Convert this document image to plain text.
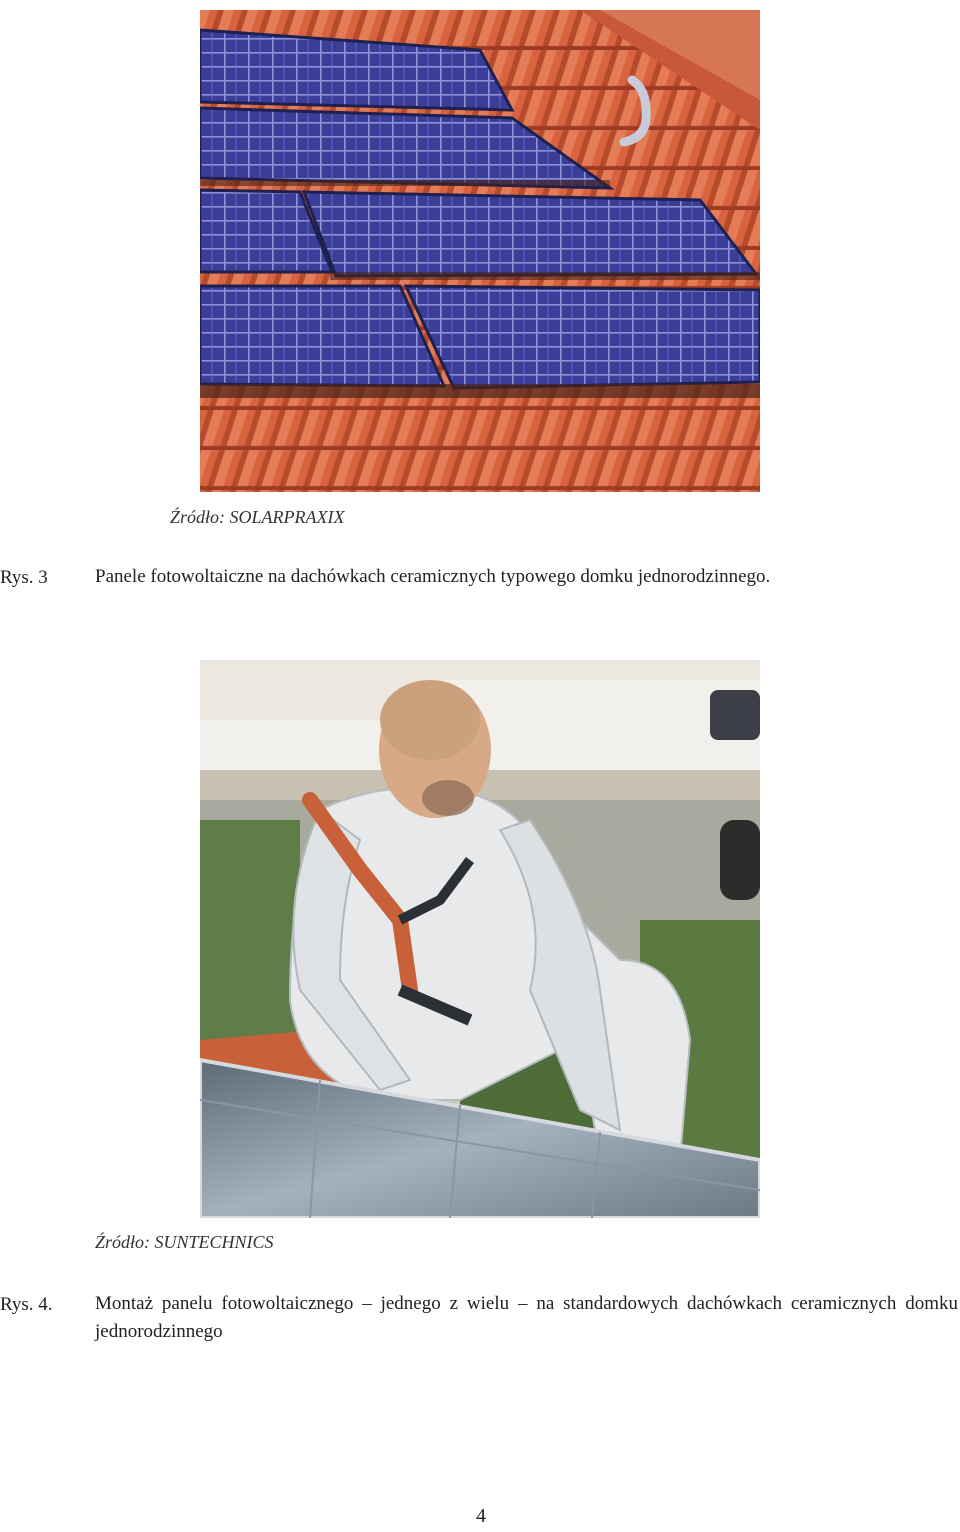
Źródło: SOLARPRAXIX
Rys. 3 Panele fotowoltaiczne na dachówkach ceramicznych typowego domku jednorodzinnego.
Źródło: SUNTECHNICS
Rys. 4. Montaż panelu fotowoltaicznego – jednego z wielu – na standardowych dachówkach ceramicznych domku jednorodzinnego
4
